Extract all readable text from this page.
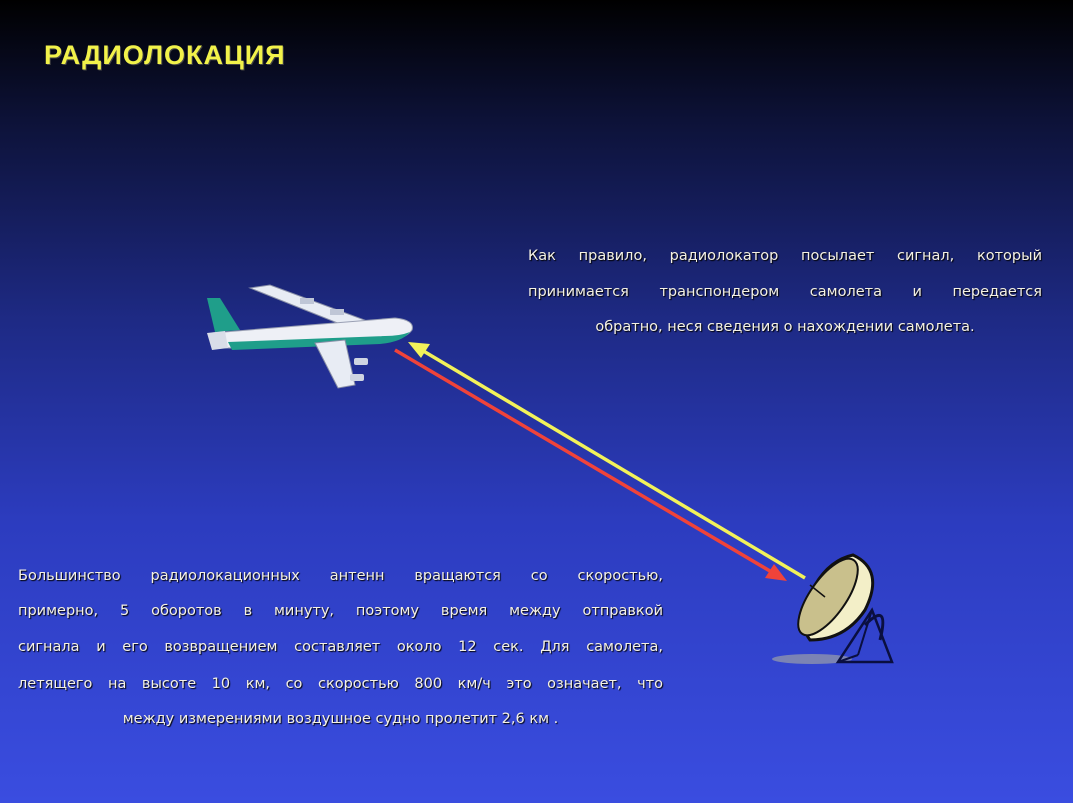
РАДИОЛОКАЦИЯ
Как правило, радиолокатор посылает сигнал, который
принимается транспондером самолета и передается
обратно, неся сведения о нахождении самолета.
Большинство радиолокационных антенн вращаются со скоростью,
примерно, 5 оборотов в минуту, поэтому время между отправкой
сигнала и его возвращением составляет около 12 сек. Для самолета,
летящего на высоте 10 км, со скоростью 800 км/ч это означает, что
между измерениями воздушное судно пролетит 2,6 км .
